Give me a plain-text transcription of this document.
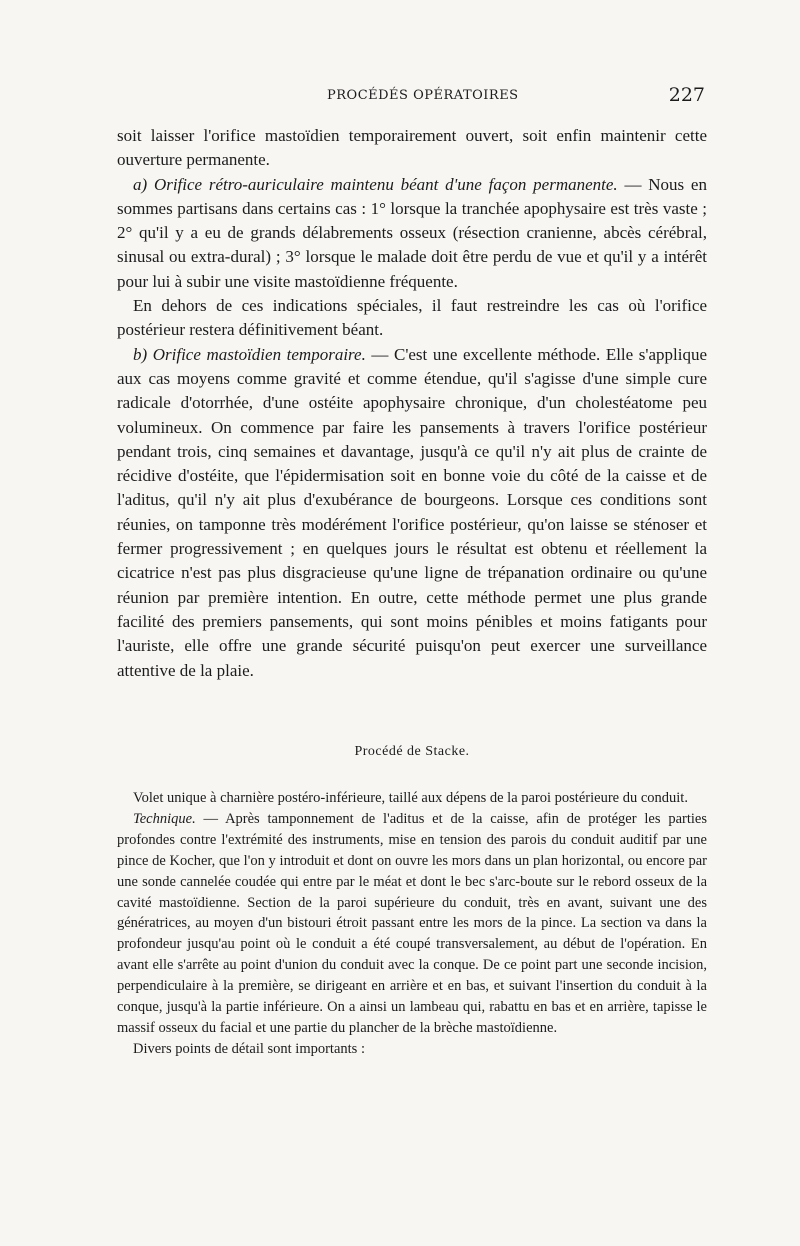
PROCÉDÉS OPÉRATOIRES	227

soit laisser l'orifice mastoïdien temporairement ouvert, soit enfin maintenir cette ouverture permanente.

a) Orifice rétro-auriculaire maintenu béant d'une façon permanente. — Nous en sommes partisans dans certains cas : 1° lorsque la tranchée apophysaire est très vaste ; 2° qu'il y a eu de grands délabrements osseux (résection cranienne, abcès cérébral, sinusal ou extra-dural) ; 3° lorsque le malade doit être perdu de vue et qu'il y a intérêt pour lui à subir une visite mastoïdienne fréquente.

En dehors de ces indications spéciales, il faut restreindre les cas où l'orifice postérieur restera définitivement béant.

b) Orifice mastoïdien temporaire. — C'est une excellente méthode. Elle s'applique aux cas moyens comme gravité et comme étendue, qu'il s'agisse d'une simple cure radicale d'otorrhée, d'une ostéite apophysaire chronique, d'un cholestéatome peu volumineux. On commence par faire les pansements à travers l'orifice postérieur pendant trois, cinq semaines et davantage, jusqu'à ce qu'il n'y ait plus de crainte de récidive d'ostéite, que l'épidermisation soit en bonne voie du côté de la caisse et de l'aditus, qu'il n'y ait plus d'exubérance de bourgeons. Lorsque ces conditions sont réunies, on tamponne très modérément l'orifice postérieur, qu'on laisse se sténoser et fermer progressivement ; en quelques jours le résultat est obtenu et réellement la cicatrice n'est pas plus disgracieuse qu'une ligne de trépanation ordinaire ou qu'une réunion par première intention. En outre, cette méthode permet une plus grande facilité des premiers pansements, qui sont moins pénibles et moins fatigants pour l'auriste, elle offre une grande sécurité puisqu'on peut exercer une surveillance attentive de la plaie.

Procédé de Stacke.

Volet unique à charnière postéro-inférieure, taillé aux dépens de la paroi postérieure du conduit.

Technique. — Après tamponnement de l'aditus et de la caisse, afin de protéger les parties profondes contre l'extrémité des instruments, mise en tension des parois du conduit auditif par une pince de Kocher, que l'on y introduit et dont on ouvre les mors dans un plan horizontal, ou encore par une sonde cannelée coudée qui entre par le méat et dont le bec s'arc-boute sur le rebord osseux de la cavité mastoïdienne. Section de la paroi supérieure du conduit, très en avant, suivant une des génératrices, au moyen d'un bistouri étroit passant entre les mors de la pince. La section va dans la profondeur jusqu'au point où le conduit a été coupé transversalement, au début de l'opération. En avant elle s'arrête au point d'union du conduit avec la conque. De ce point part une seconde incision, perpendiculaire à la première, se dirigeant en arrière et en bas, et suivant l'insertion du conduit à la conque, jusqu'à la partie inférieure. On a ainsi un lambeau qui, rabattu en bas et en arrière, tapisse le massif osseux du facial et une partie du plancher de la brèche mastoïdienne.

Divers points de détail sont importants :
